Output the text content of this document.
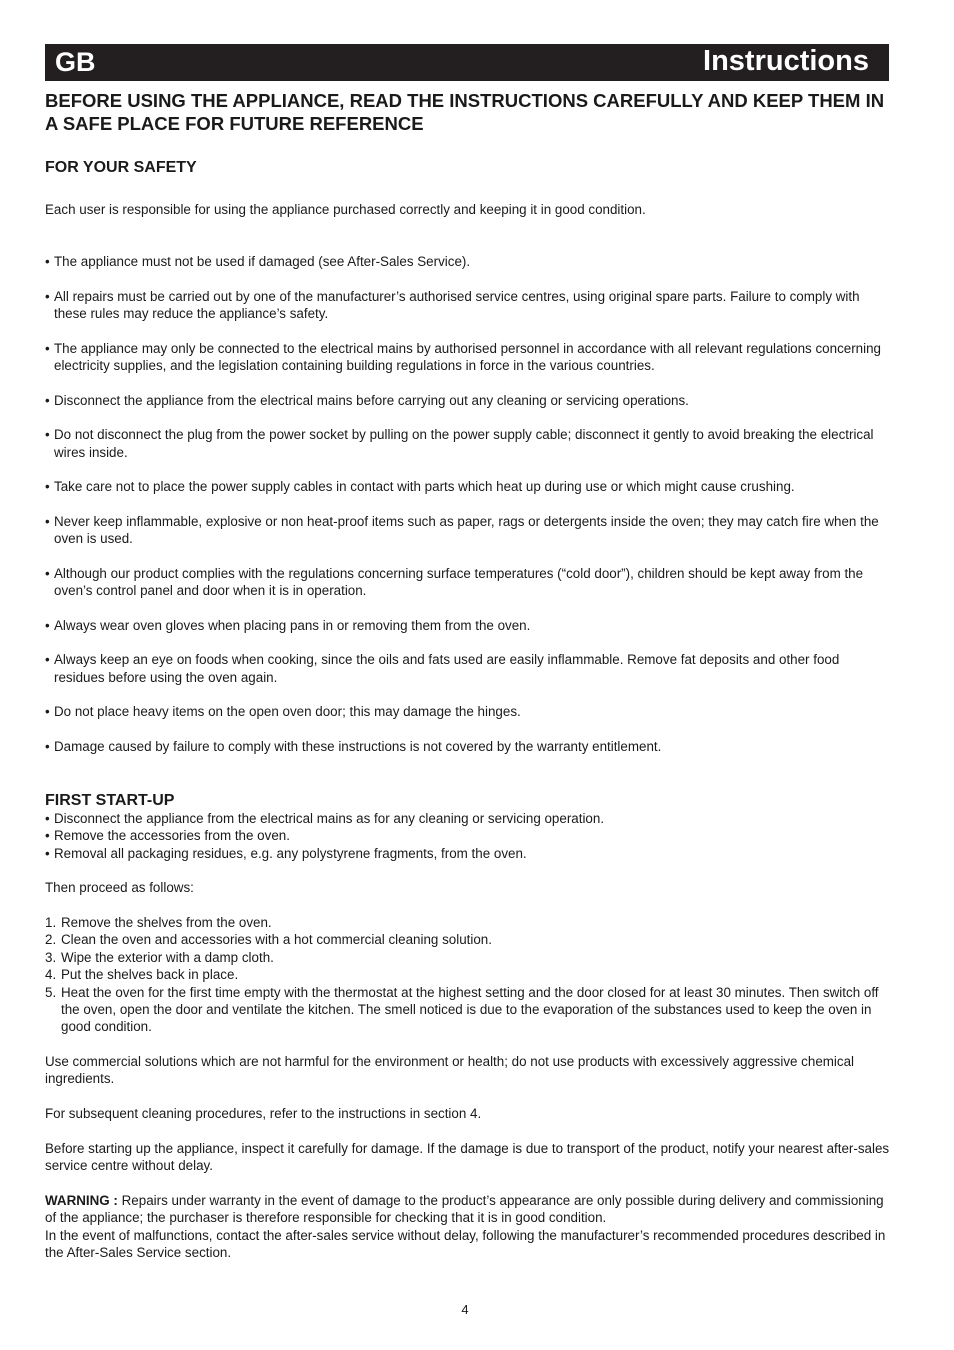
GB	Instructions
BEFORE USING THE APPLIANCE, READ THE INSTRUCTIONS CAREFULLY AND KEEP THEM IN A SAFE PLACE FOR FUTURE REFERENCE
FOR YOUR SAFETY

Each user is responsible for using the appliance purchased correctly and keeping it in good condition.

• The appliance must not be used if damaged (see After-Sales Service).
• All repairs must be carried out by one of the manufacturer’s authorised service centres, using original spare parts. Failure to comply with these rules may reduce the appliance’s safety.
• The appliance may only be connected to the electrical mains by authorised personnel in accordance with all relevant regulations concerning electricity supplies, and the legislation containing building regulations in force in the various countries.
• Disconnect the appliance from the electrical mains before carrying out any cleaning or servicing operations.
• Do not disconnect the plug from the power socket by pulling on the power supply cable; disconnect it gently to avoid breaking the electrical wires inside.
• Take care not to place the power supply cables in contact with parts which heat up during use or which might cause crushing.
• Never keep inflammable, explosive or non heat-proof items such as paper, rags or detergents inside the oven; they may catch fire when the oven is used.
• Although our product complies with the regulations concerning surface temperatures (“cold door”), children should be kept away from the oven’s control panel and door when it is in operation.
• Always wear oven gloves when placing pans in or removing them from the oven.
• Always keep an eye on foods when cooking, since the oils and fats used are easily inflammable. Remove fat deposits and other food residues before using the oven again.
• Do not place heavy items on the open oven door; this may damage the hinges.
• Damage caused by failure to comply with these instructions is not covered by the warranty entitlement.
FIRST START-UP
• Disconnect the appliance from the electrical mains as for any cleaning or servicing operation.
• Remove the accessories from the oven.
• Removal all packaging residues, e.g. any polystyrene fragments, from the oven.

Then proceed as follows:

1. Remove the shelves from the oven.
2. Clean the oven and accessories with a hot commercial cleaning solution.
3. Wipe the exterior with a damp cloth.
4. Put the shelves back in place.
5. Heat the oven for the first time empty with the thermostat at the highest setting and the door closed for at least 30 minutes. Then switch off the oven, open the door and ventilate the kitchen. The smell noticed is due to the evaporation of the substances used to keep the oven in good condition.

Use commercial solutions which are not harmful for the environment or health; do not use products with excessively aggressive chemical ingredients.

For subsequent cleaning procedures, refer to the instructions in section 4.

Before starting up the appliance, inspect it carefully for damage. If the damage is due to transport of the product, notify your nearest after-sales service centre without delay.

WARNING : Repairs under warranty in the event of damage to the product’s appearance are only possible during delivery and commissioning of the appliance; the purchaser is therefore responsible for checking that it is in good condition.
In the event of malfunctions, contact the after-sales service without delay, following the manufacturer’s recommended procedures described in the After-Sales Service section.

4
